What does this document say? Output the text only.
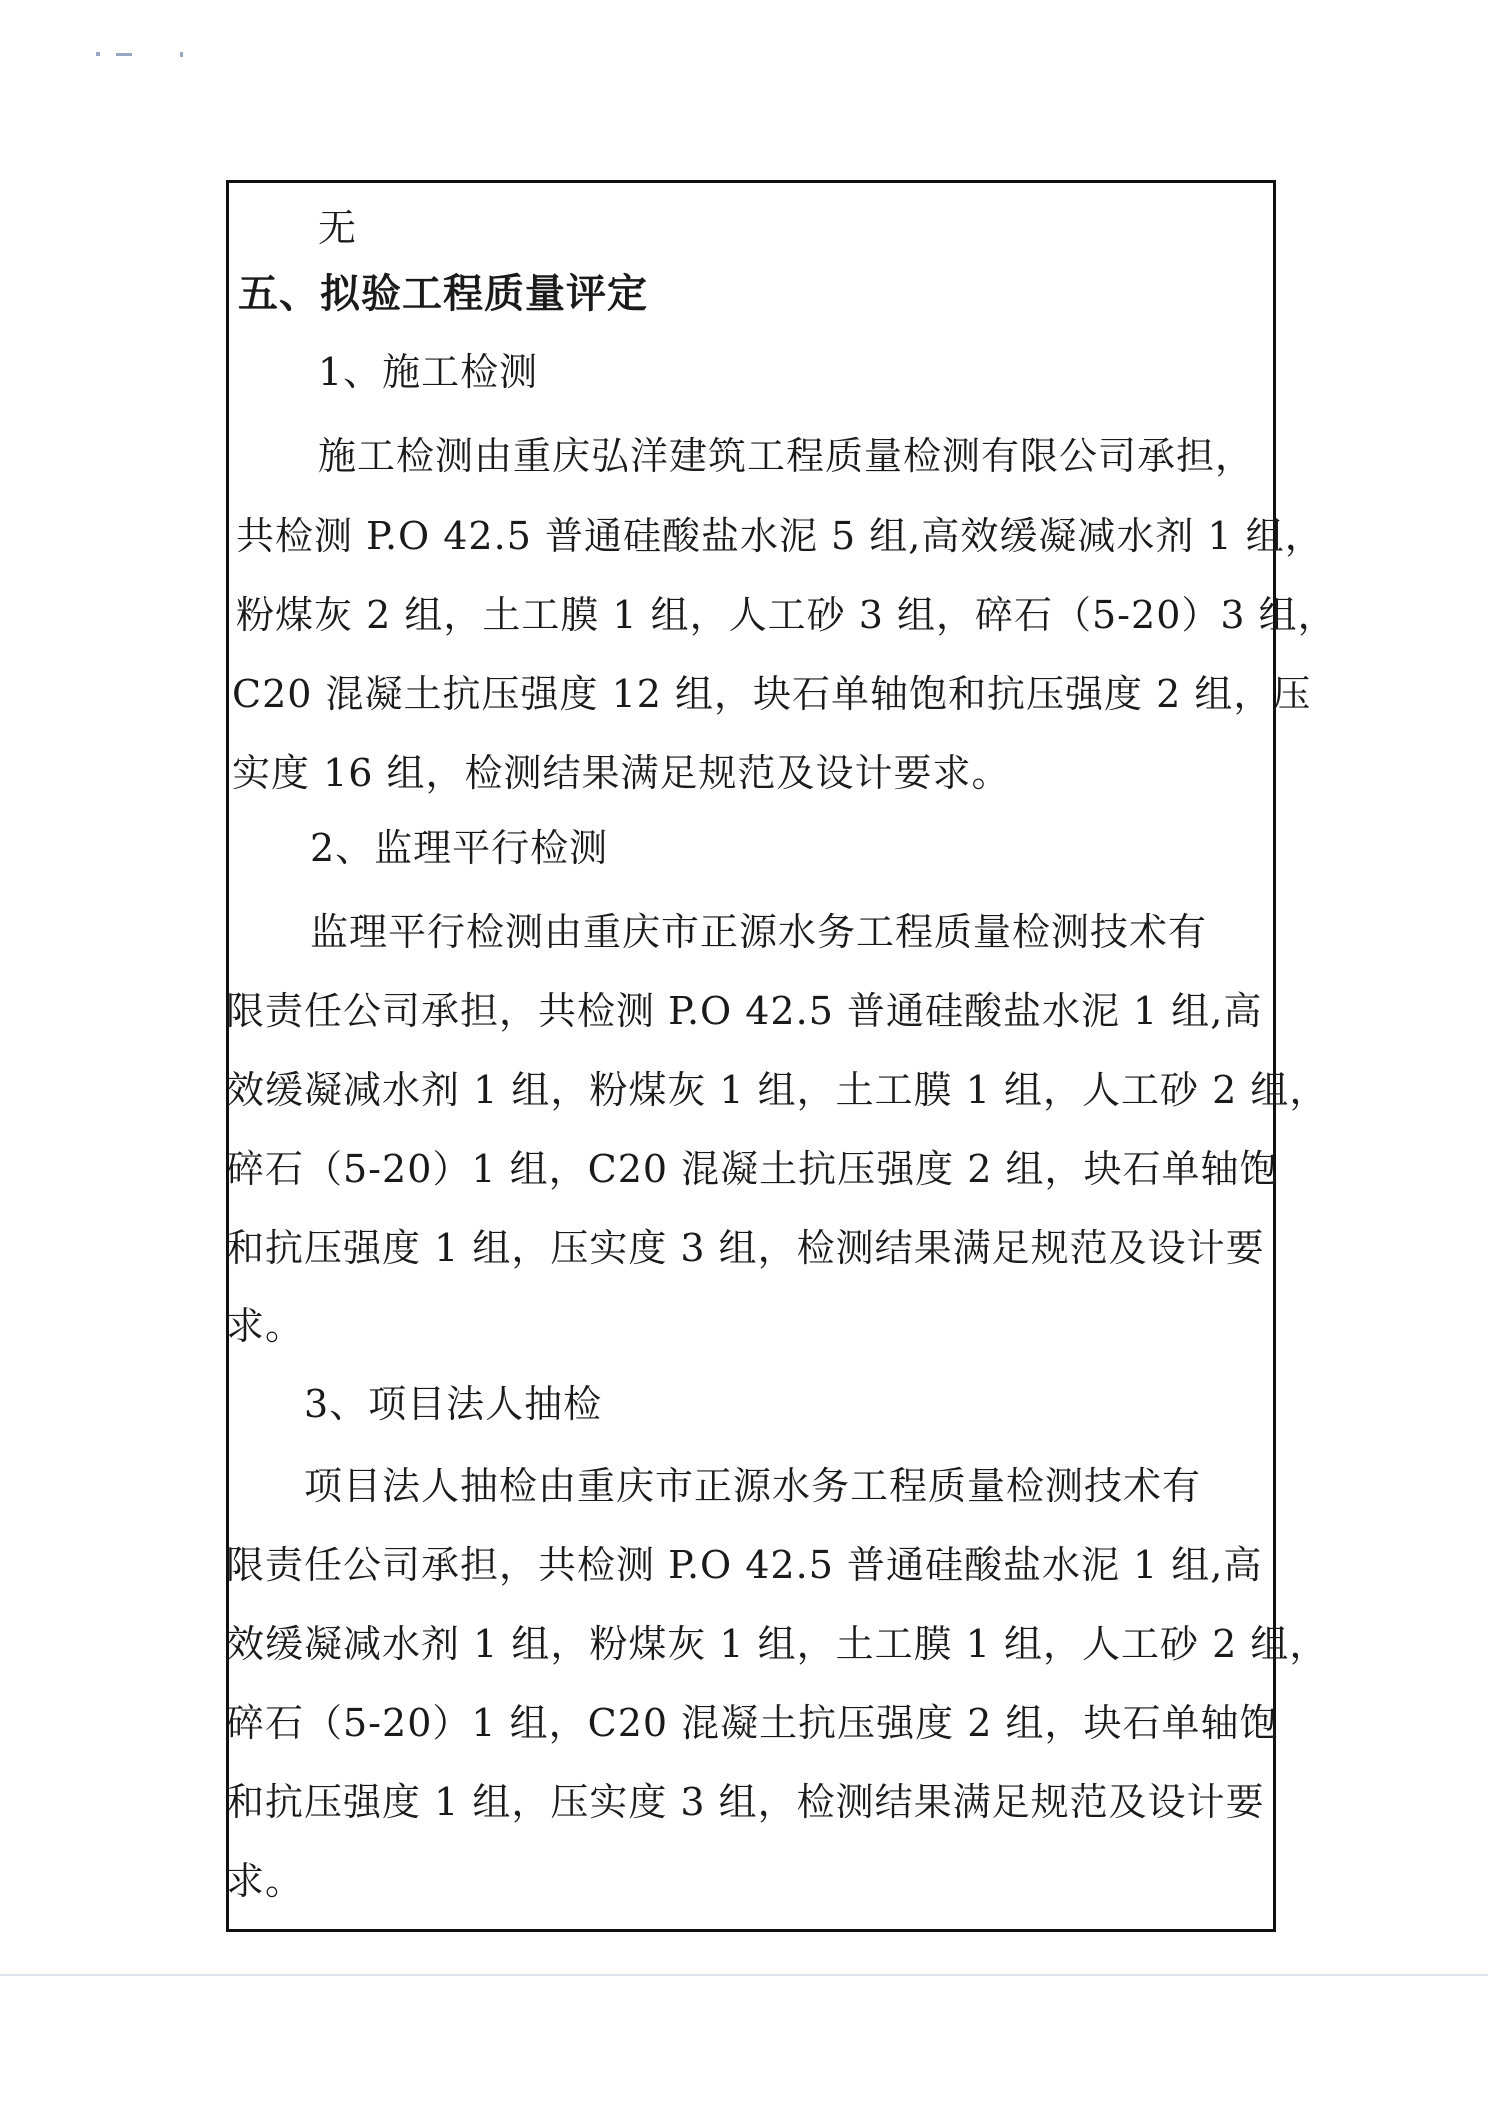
无
五、拟验工程质量评定
1、施工检测
施工检测由重庆弘洋建筑工程质量检测有限公司承担，
共检测 P.O 42.5 普通硅酸盐水泥 5 组,高效缓凝减水剂 1 组，
粉煤灰 2 组，土工膜 1 组，人工砂 3 组，碎石（5-20）3 组，
C20 混凝土抗压强度 12 组，块石单轴饱和抗压强度 2 组，压
实度 16 组，检测结果满足规范及设计要求。
2、监理平行检测
监理平行检测由重庆市正源水务工程质量检测技术有
限责任公司承担，共检测 P.O 42.5 普通硅酸盐水泥 1 组,高
效缓凝减水剂 1 组，粉煤灰 1 组，土工膜 1 组，人工砂 2 组，
碎石（5-20）1 组，C20 混凝土抗压强度 2 组，块石单轴饱
和抗压强度 1 组，压实度 3 组，检测结果满足规范及设计要
求。
3、项目法人抽检
项目法人抽检由重庆市正源水务工程质量检测技术有
限责任公司承担，共检测 P.O 42.5 普通硅酸盐水泥 1 组,高
效缓凝减水剂 1 组，粉煤灰 1 组，土工膜 1 组，人工砂 2 组，
碎石（5-20）1 组，C20 混凝土抗压强度 2 组，块石单轴饱
和抗压强度 1 组，压实度 3 组，检测结果满足规范及设计要
求。
